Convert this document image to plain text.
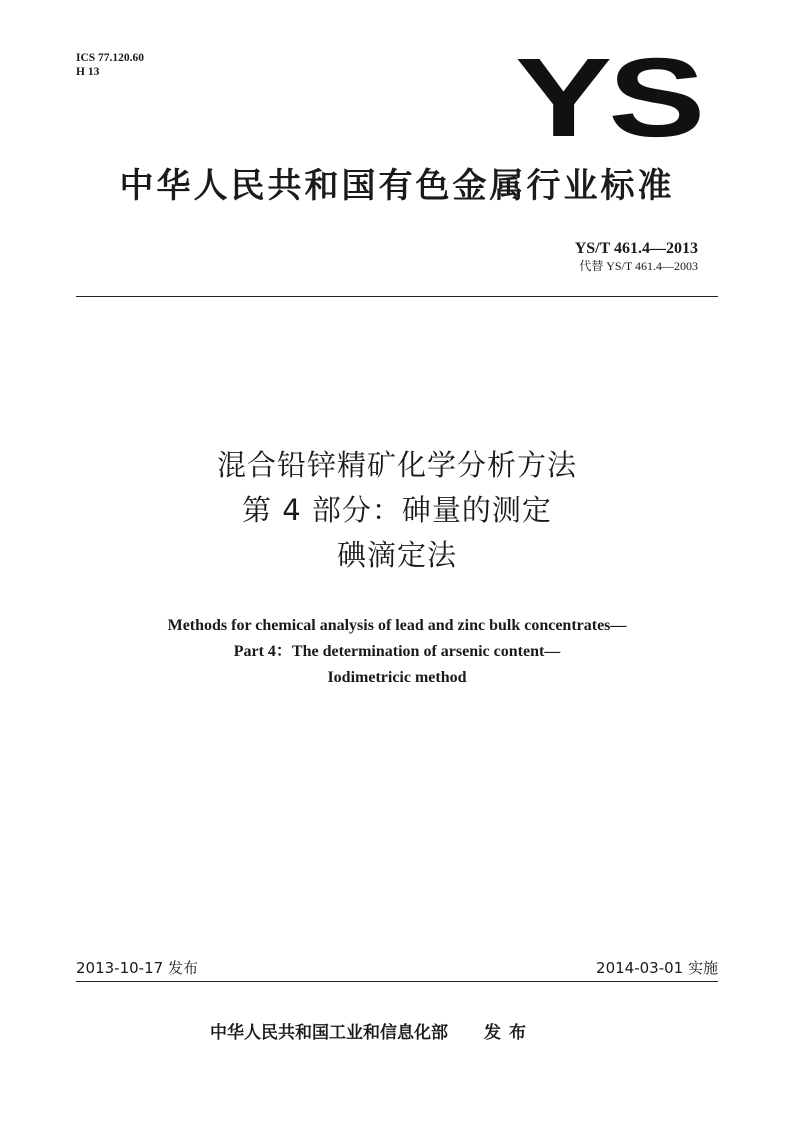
ICS 77.120.60
H 13	YS
中华人民共和国有色金属行业标准
YS/T 461.4—2013
代替 YS/T 461.4—2003
混合铅锌精矿化学分析方法
第 4 部分：砷量的测定
碘滴定法
Methods for chemical analysis of lead and zinc bulk concentrates—
Part 4：The determination of arsenic content—
Iodimetricic method
2013-10-17 发布	2014-03-01 实施
中华人民共和国工业和信息化部 发布
